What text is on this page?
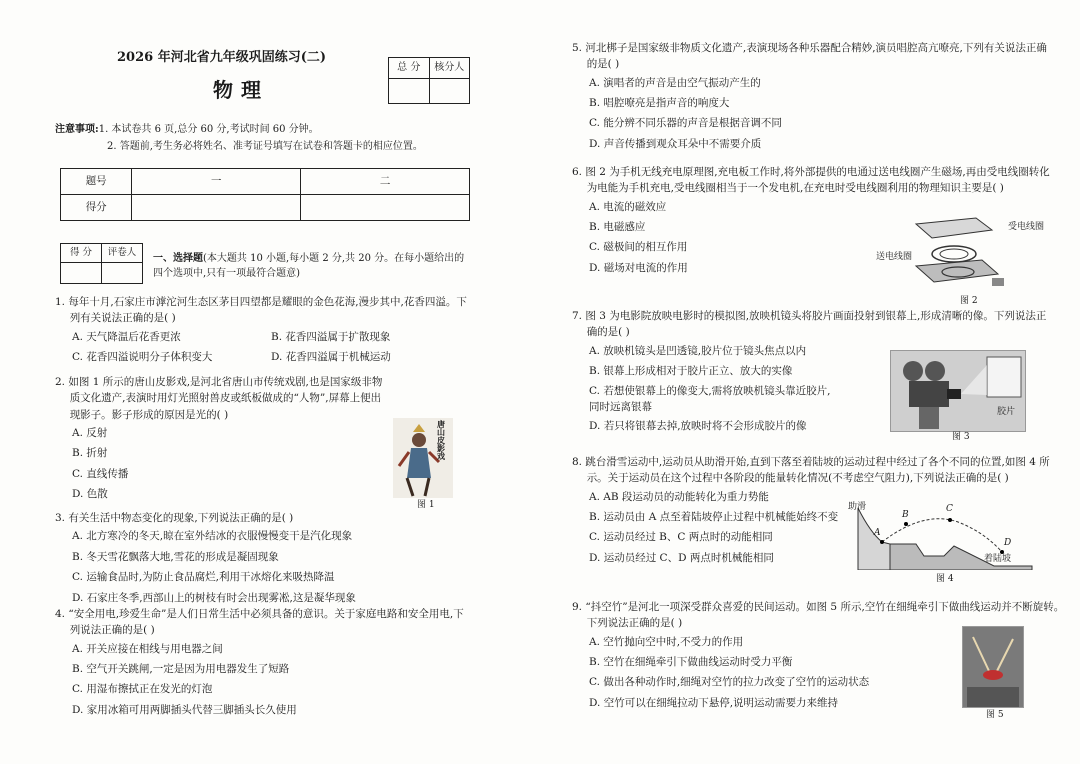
2026 年河北省九年级巩固练习(二)
物理
总 分	核分人

注意事项:1. 本试卷共 6 页,总分 60 分,考试时间 60 分钟。
2. 答题前,考生务必将姓名、准考证号填写在试卷和答题卡的相应位置。
题号	一	二
得分		
得 分	评卷人

一、选择题(本大题共 10 小题,每小题 2 分,共 20 分。在每小题给出的四个选项中,只有一项最符合题意)
1. 每年十月,石家庄市滹沱河生态区茅目四望都是耀眼的金色花海,漫步其中,花香四溢。下列有关说法正确的是( )
A. 天气降温后花香更浓	B. 花香四溢属于扩散现象
C. 花香四溢说明分子体积变大	D. 花香四溢属于机械运动
2. 如图 1 所示的唐山皮影戏,是河北省唐山市传统戏剧,也是国家级非物质文化遗产,表演时用灯光照射兽皮或纸板做成的“人物”,屏幕上便出现影子。影子形成的原因是光的( )
A. 反射
B. 折射
C. 直线传播
D. 色散
唐山皮影戏
图 1
3. 有关生活中物态变化的现象,下列说法正确的是( )
A. 北方寒冷的冬天,晾在室外结冰的衣服慢慢变干是汽化现象
B. 冬天雪花飘落大地,雪花的形成是凝固现象
C. 运输食品时,为防止食品腐烂,利用干冰熔化来吸热降温
D. 石家庄冬季,西部山上的树枝有时会出现雾凇,这是凝华现象
4. “安全用电,珍爱生命”是人们日常生活中必须具备的意识。关于家庭电路和安全用电,下列说法正确的是( )
A. 开关应接在相线与用电器之间
B. 空气开关跳闸,一定是因为用电器发生了短路
C. 用湿布擦拭正在发光的灯泡
D. 家用冰箱可用两脚插头代替三脚插头长久使用
5. 河北梆子是国家级非物质文化遗产,表演现场各种乐器配合精妙,演员唱腔高亢嘹亮,下列有关说法正确的是( )
A. 演唱者的声音是由空气振动产生的
B. 唱腔嘹亮是指声音的响度大
C. 能分辨不同乐器的声音是根据音调不同
D. 声音传播到观众耳朵中不需要介质
6. 图 2 为手机无线充电原理图,充电板工作时,将外部提供的电通过送电线圈产生磁场,再由受电线圈转化为电能为手机充电,受电线圈相当于一个发电机,在充电时受电线圈利用的物理知识主要是( )
A. 电流的磁效应
B. 电磁感应
C. 磁极间的相互作用
D. 磁场对电流的作用
受电线圈
送电线圈
图 2
7. 图 3 为电影院放映电影时的模拟图,放映机镜头将胶片画面投射到银幕上,形成清晰的像。下列说法正确的是( )
A. 放映机镜头是凹透镜,胶片位于镜头焦点以内
B. 银幕上形成相对于胶片正立、放大的实像
C. 若想使银幕上的像变大,需将放映机镜头靠近胶片,同时远离银幕
D. 若只将银幕去掉,放映时将不会形成胶片的像
胶片
图 3
8. 跳台滑雪运动中,运动员从助滑开始,直到下落至着陆坡的运动过程中经过了各个不同的位置,如图 4 所示。关于运动员在这个过程中各阶段的能量转化情况(不考虑空气阻力),下列说法正确的是( )
A. AB 段运动员的动能转化为重力势能
B. 运动员由 A 点至着陆坡停止过程中机械能始终不变
C. 运动员经过 B、C 两点时的动能相同
D. 运动员经过 C、D 两点时机械能相同
助滑
A
B
C
D
着陆坡
图 4
9. “抖空竹”是河北一项深受群众喜爱的民间运动。如图 5 所示,空竹在细绳牵引下做曲线运动并不断旋转。下列说法正确的是( )
A. 空竹抛向空中时,不受力的作用
B. 空竹在细绳牵引下做曲线运动时受力平衡
C. 做出各种动作时,细绳对空竹的拉力改变了空竹的运动状态
D. 空竹可以在细绳拉动下悬停,说明运动需要力来维持
图 5
